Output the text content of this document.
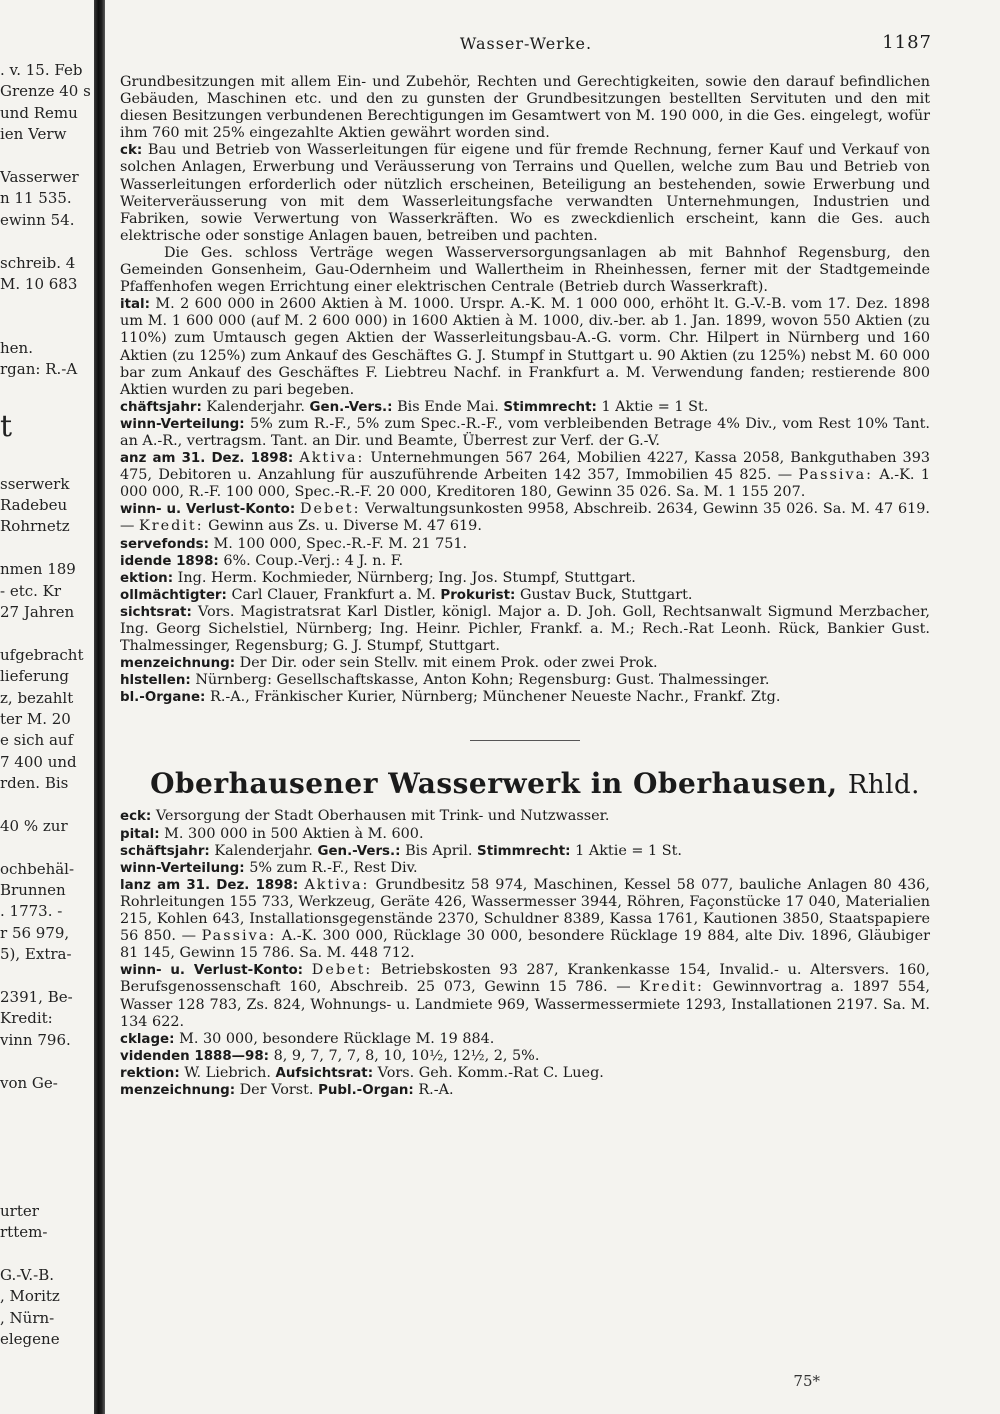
. v. 15. Feb
Grenze 40 s
und Remu
ien Verw
Vasserwer
n 11 535.
ewinn 54.
schreib. 4
M. 10 683
hen.
rgan: R.-A
t
sserwerk
Radebeu
Rohrnetz
nmen 189
- etc. Kr
27 Jahren
ufgebracht
lieferung
z, bezahlt
ter M. 20
e sich auf
7 400 und
rden. Bis
40 % zur
ochbehäl-
Brunnen
. 1773. -
r 56 979,
5), Extra-
2391, Be-
Kredit:
vinn 796.
von Ge-
urter
rttem-
G.-V.-B.
, Moritz
, Nürn-
elegene
Wasser-Werke.	1187

Grundbesitzungen mit allem Ein- und Zubehör, Rechten und Gerechtigkeiten, sowie den darauf befindlichen Gebäuden, Maschinen etc. und den zu gunsten der Grundbesitzungen bestellten Servituten und den mit diesen Besitzungen verbundenen Berechtigungen im Gesamtwert von M. 190 000, in die Ges. eingelegt, wofür ihm 760 mit 25% eingezahlte Aktien gewährt worden sind.

ck: Bau und Betrieb von Wasserleitungen für eigene und für fremde Rechnung, ferner Kauf und Verkauf von solchen Anlagen, Erwerbung und Veräusserung von Terrains und Quellen, welche zum Bau und Betrieb von Wasserleitungen erforderlich oder nützlich erscheinen, Beteiligung an bestehenden, sowie Erwerbung und Weiterveräusserung von mit dem Wasserleitungsfache verwandten Unternehmungen, Industrien und Fabriken, sowie Verwertung von Wasserkräften. Wo es zweckdienlich erscheint, kann die Ges. auch elektrische oder sonstige Anlagen bauen, betreiben und pachten.

Die Ges. schloss Verträge wegen Wasserversorgungsanlagen ab mit Bahnhof Regensburg, den Gemeinden Gonsenheim, Gau-Odernheim und Wallertheim in Rheinhessen, ferner mit der Stadtgemeinde Pfaffenhofen wegen Errichtung einer elektrischen Centrale (Betrieb durch Wasserkraft).

ital: M. 2 600 000 in 2600 Aktien à M. 1000. Urspr. A.-K. M. 1 000 000, erhöht lt. G.-V.-B. vom 17. Dez. 1898 um M. 1 600 000 (auf M. 2 600 000) in 1600 Aktien à M. 1000, div.-ber. ab 1. Jan. 1899, wovon 550 Aktien (zu 110%) zum Umtausch gegen Aktien der Wasserleitungsbau-A.-G. vorm. Chr. Hilpert in Nürnberg und 160 Aktien (zu 125%) zum Ankauf des Geschäftes G. J. Stumpf in Stuttgart u. 90 Aktien (zu 125%) nebst M. 60 000 bar zum Ankauf des Geschäftes F. Liebtreu Nachf. in Frankfurt a. M. Verwendung fanden; restierende 800 Aktien wurden zu pari begeben.

chäftsjahr: Kalenderjahr. Gen.-Vers.: Bis Ende Mai. Stimmrecht: 1 Aktie = 1 St.

winn-Verteilung: 5% zum R.-F., 5% zum Spec.-R.-F., vom verbleibenden Betrage 4% Div., vom Rest 10% Tant. an A.-R., vertragsm. Tant. an Dir. und Beamte, Überrest zur Verf. der G.-V.

anz am 31. Dez. 1898: Aktiva: Unternehmungen 567 264, Mobilien 4227, Kassa 2058, Bankguthaben 393 475, Debitoren u. Anzahlung für auszuführende Arbeiten 142 357, Immobilien 45 825. — Passiva: A.-K. 1 000 000, R.-F. 100 000, Spec.-R.-F. 20 000, Kreditoren 180, Gewinn 35 026. Sa. M. 1 155 207.

winn- u. Verlust-Konto: Debet: Verwaltungsunkosten 9958, Abschreib. 2634, Gewinn 35 026. Sa. M. 47 619. — Kredit: Gewinn aus Zs. u. Diverse M. 47 619.

servefonds: M. 100 000, Spec.-R.-F. M. 21 751.

idende 1898: 6%. Coup.-Verj.: 4 J. n. F.

ektion: Ing. Herm. Kochmieder, Nürnberg; Ing. Jos. Stumpf, Stuttgart.

ollmächtigter: Carl Clauer, Frankfurt a. M. Prokurist: Gustav Buck, Stuttgart.

sichtsrat: Vors. Magistratsrat Karl Distler, königl. Major a. D. Joh. Goll, Rechtsanwalt Sigmund Merzbacher, Ing. Georg Sichelstiel, Nürnberg; Ing. Heinr. Pichler, Frankf. a. M.; Rech.-Rat Leonh. Rück, Bankier Gust. Thalmessinger, Regensburg; G. J. Stumpf, Stuttgart.

menzeichnung: Der Dir. oder sein Stellv. mit einem Prok. oder zwei Prok.

hlstellen: Nürnberg: Gesellschaftskasse, Anton Kohn; Regensburg: Gust. Thalmessinger.

bl.-Organe: R.-A., Fränkischer Kurier, Nürnberg; Münchener Neueste Nachr., Frankf. Ztg.

Oberhausener Wasserwerk in Oberhausen, Rhld.

eck: Versorgung der Stadt Oberhausen mit Trink- und Nutzwasser.

pital: M. 300 000 in 500 Aktien à M. 600.

schäftsjahr: Kalenderjahr. Gen.-Vers.: Bis April. Stimmrecht: 1 Aktie = 1 St.

winn-Verteilung: 5% zum R.-F., Rest Div.

lanz am 31. Dez. 1898: Aktiva: Grundbesitz 58 974, Maschinen, Kessel 58 077, bauliche Anlagen 80 436, Rohrleitungen 155 733, Werkzeug, Geräte 426, Wassermesser 3944, Röhren, Façonstücke 17 040, Materialien 215, Kohlen 643, Installationsgegenstände 2370, Schuldner 8389, Kassa 1761, Kautionen 3850, Staatspapiere 56 850. — Passiva: A.-K. 300 000, Rücklage 30 000, besondere Rücklage 19 884, alte Div. 1896, Gläubiger 81 145, Gewinn 15 786. Sa. M. 448 712.

winn- u. Verlust-Konto: Debet: Betriebskosten 93 287, Krankenkasse 154, Invalid.- u. Altersvers. 160, Berufsgenossenschaft 160, Abschreib. 25 073, Gewinn 15 786. — Kredit: Gewinnvortrag a. 1897 554, Wasser 128 783, Zs. 824, Wohnungs- u. Landmiete 969, Wassermessermiete 1293, Installationen 2197. Sa. M. 134 622.

cklage: M. 30 000, besondere Rücklage M. 19 884.

videnden 1888—98: 8, 9, 7, 7, 7, 8, 10, 10½, 12½, 2, 5%.

rektion: W. Liebrich. Aufsichtsrat: Vors. Geh. Komm.-Rat C. Lueg.

menzeichnung: Der Vorst. Publ.-Organ: R.-A.

75*
